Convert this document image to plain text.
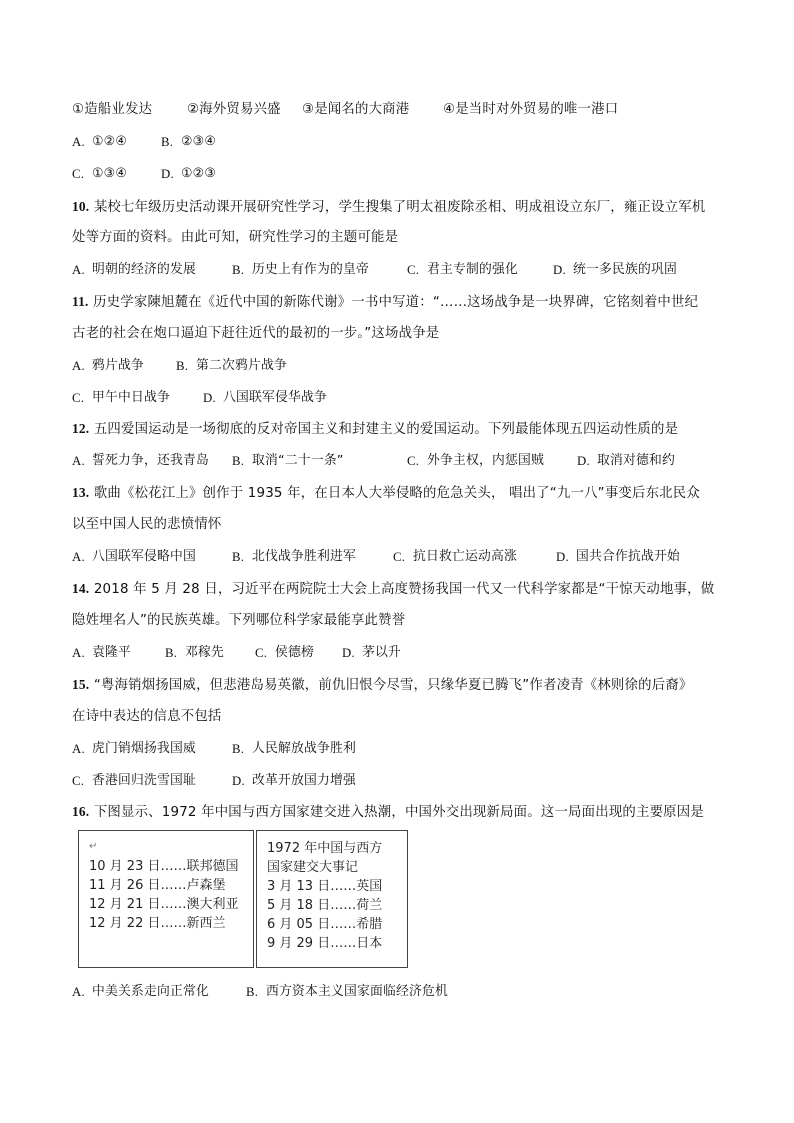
①造船业发达	②海外贸易兴盛 ③是闻名的大商港	④是当时对外贸易的唯一港口
A. ①②④	B. ②③④
C. ①③④	D. ①②③
10. 某校七年级历史活动课开展研究性学习，学生搜集了明太祖废除丞相、明成祖设立东厂，雍正设立军机
处等方面的资料。由此可知，研究性学习的主题可能是
A. 明朝的经济的发展	B. 历史上有作为的皇帝	C. 君主专制的强化	D. 统一多民族的巩固
11. 历史学家陳旭麓在《近代中国的新陈代谢》一书中写道：“……这场战争是一块界碑，它铭刻着中世纪
古老的社会在炮口逼迫下赶往近代的最初的一步。”这场战争是
A. 鸦片战争	B. 第二次鸦片战争
C. 甲午中日战争	D. 八国联军侵华战争
12. 五四爱国运动是一场彻底的反对帝国主义和封建主义的爱国运动。下列最能体现五四运动性质的是
A. 誓死力争，还我青岛 B. 取消“二十一条”	C. 外争主权，内惩国贼	D. 取消对德和约
13. 歌曲《松花江上》创作于 1935 年，在日本人大举侵略的危急关头， 唱出了“九一八”事变后东北民众
以至中国人民的悲愤情怀
A. 八国联军侵略中国	B. 北伐战争胜利进军	C. 抗日救亡运动高涨	D. 国共合作抗战开始
14. 2018 年 5 月 28 日，习近平在两院院士大会上高度赞扬我国一代又一代科学家都是“干惊天动地事，做
隐姓埋名人”的民族英雄。下列哪位科学家最能享此赞誉
A. 袁隆平	B. 邓稼先 C. 侯德榜 D. 茅以升
15. “粤海销烟扬国威，但悲港岛易英徽，前仇旧恨今尽雪，只缘华夏已腾飞”作者凌青《林则徐的后裔》
在诗中表达的信息不包括
A. 虎门销烟扬我国威	B. 人民解放战争胜利
C. 香港回归洗雪国耻	D. 改革开放国力增强
16. 下图显示、1972 年中国与西方国家建交进入热潮，中国外交出现新局面。这一局面出现的主要原因是
↵
10 月 23 日……联邦德国
11 月 26 日……卢森堡
12 月 21 日……澳大利亚
12 月 22 日……新西兰
1972 年中国与西方
国家建交大事记
3 月 13 日……英国
5 月 18 日……荷兰
6 月 05 日……希腊
9 月 29 日……日本
A. 中美关系走向正常化	B. 西方资本主义国家面临经济危机
